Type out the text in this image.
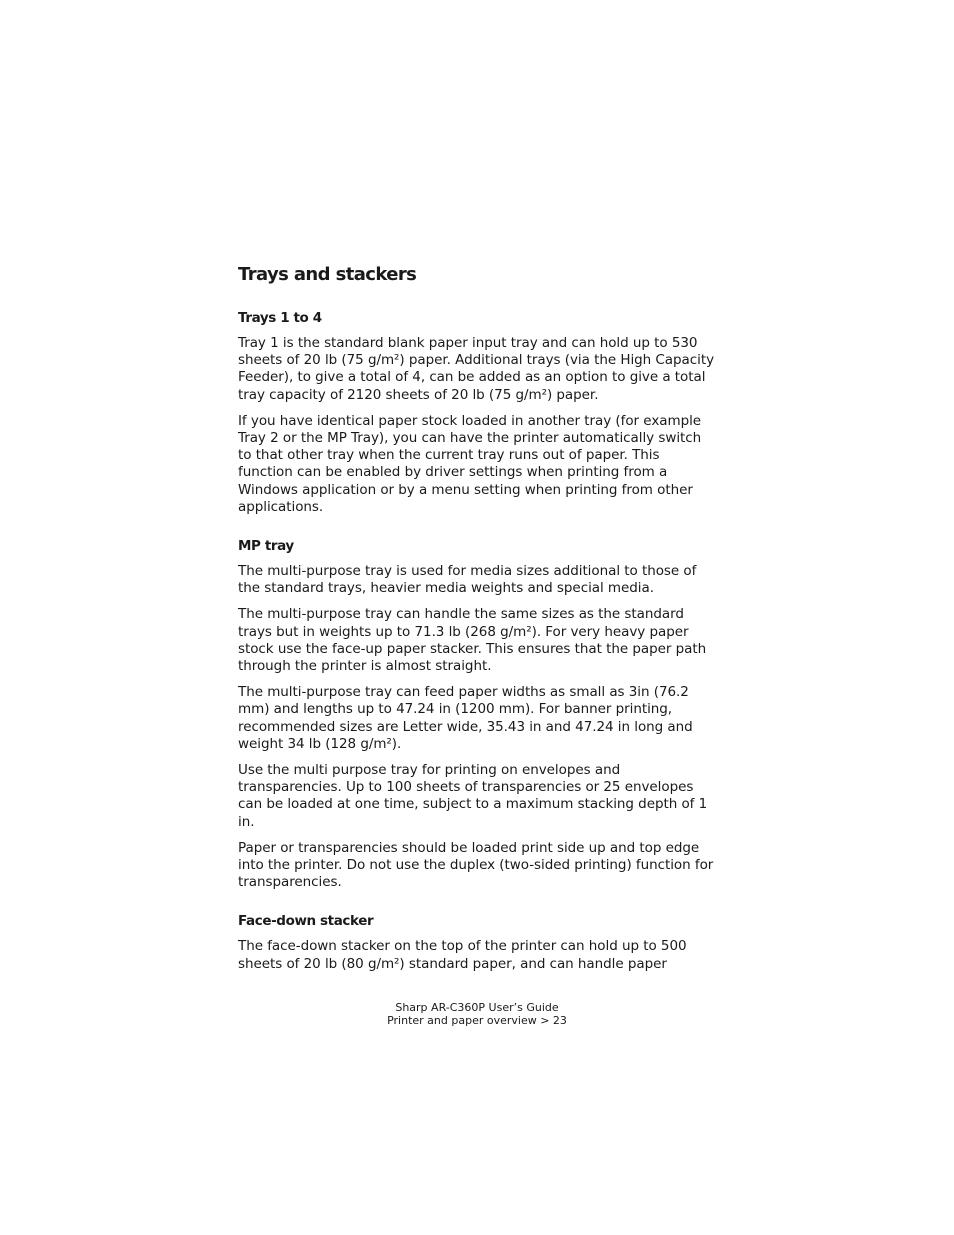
Trays and stackers
Trays 1 to 4

Tray 1 is the standard blank paper input tray and can hold up to 530 sheets of 20 lb (75 g/m²) paper. Additional trays (via the High Capacity Feeder), to give a total of 4, can be added as an option to give a total tray capacity of 2120 sheets of 20 lb (75 g/m²) paper.

If you have identical paper stock loaded in another tray (for example Tray 2 or the MP Tray), you can have the printer automatically switch to that other tray when the current tray runs out of paper. This function can be enabled by driver settings when printing from a Windows application or by a menu setting when printing from other applications.

MP tray

The multi-purpose tray is used for media sizes additional to those of the standard trays, heavier media weights and special media.

The multi-purpose tray can handle the same sizes as the standard trays but in weights up to 71.3 lb (268 g/m²). For very heavy paper stock use the face-up paper stacker. This ensures that the paper path through the printer is almost straight.

The multi-purpose tray can feed paper widths as small as 3in (76.2 mm) and lengths up to 47.24 in (1200 mm). For banner printing, recommended sizes are Letter wide, 35.43 in and 47.24 in long and weight 34 lb (128 g/m²).

Use the multi purpose tray for printing on envelopes and transparencies. Up to 100 sheets of transparencies or 25 envelopes can be loaded at one time, subject to a maximum stacking depth of 1 in.

Paper or transparencies should be loaded print side up and top edge into the printer. Do not use the duplex (two-sided printing) function for transparencies.

Face-down stacker

The face-down stacker on the top of the printer can hold up to 500 sheets of 20 lb (80 g/m²) standard paper, and can handle paper

Sharp AR-C360P User’s Guide
Printer and paper overview > 23
